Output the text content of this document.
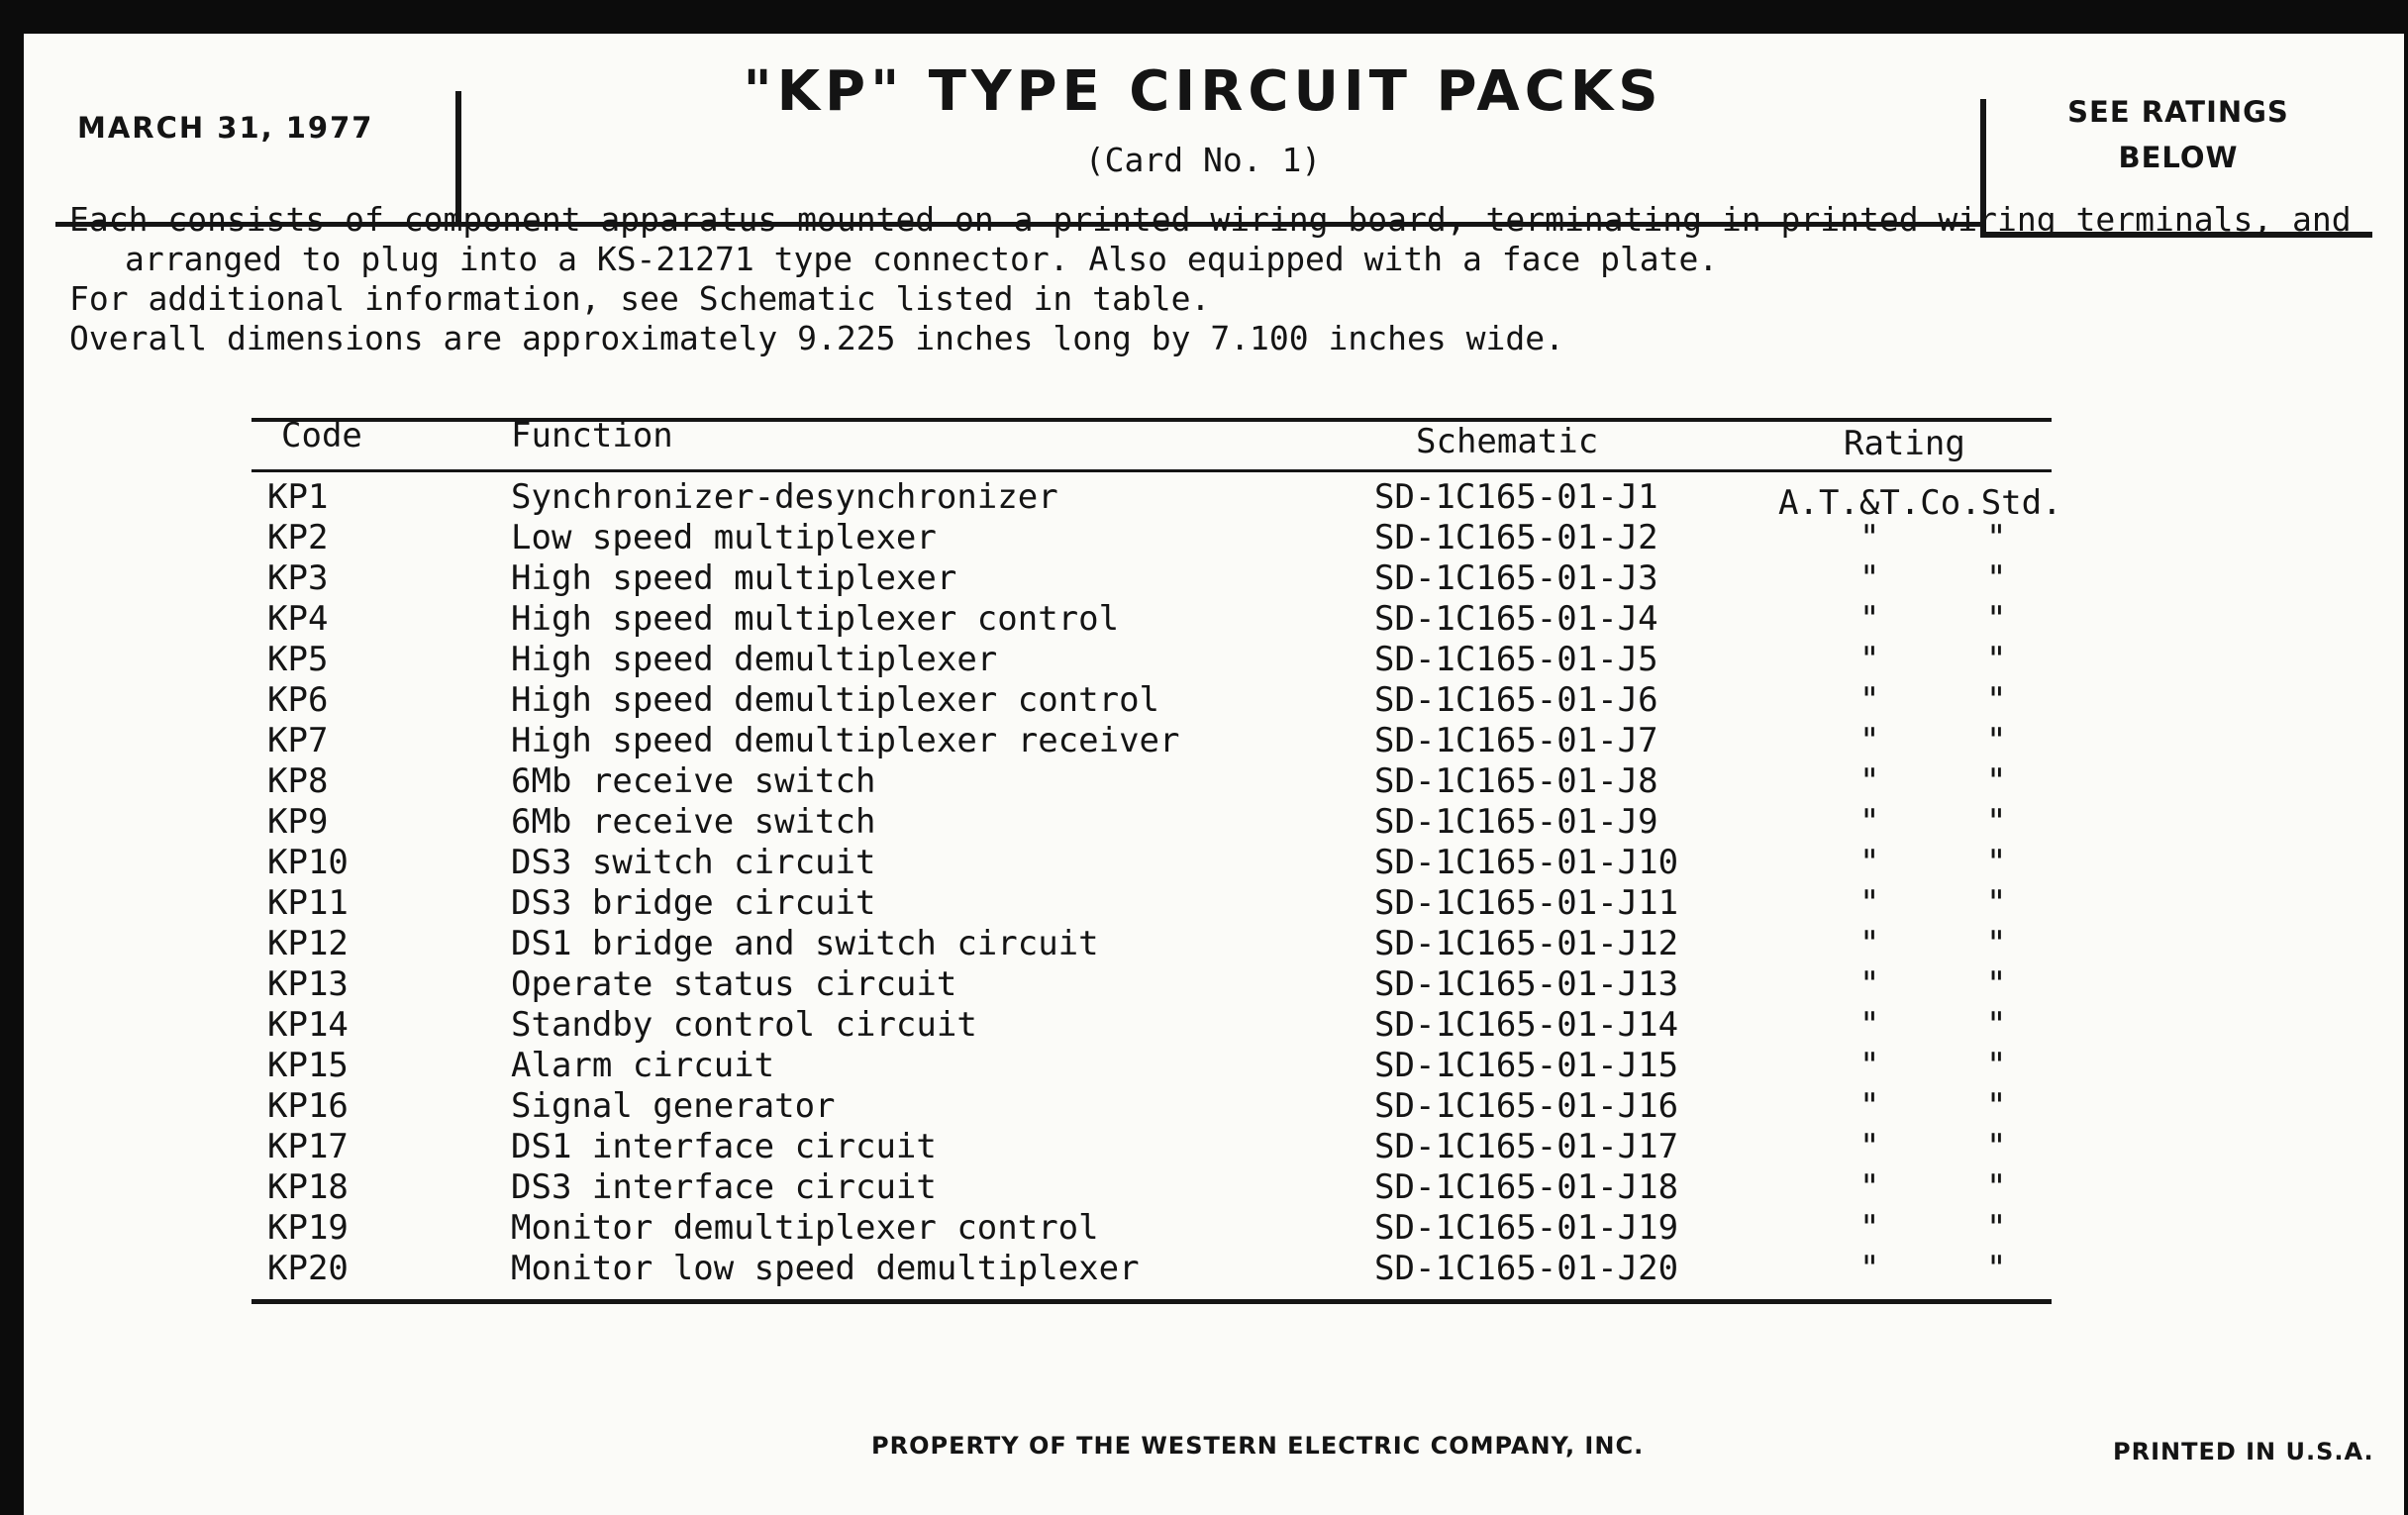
MARCH 31, 1977
"KP" TYPE CIRCUIT PACKS
(Card No. 1)
SEE RATINGS
BELOW
Each consists of component apparatus mounted on a printed wiring board, terminating in printed wiring terminals, and
arranged to plug into a KS-21271 type connector. Also equipped with a face plate.
For additional information, see Schematic listed in table.
Overall dimensions are approximately 9.225 inches long by 7.100 inches wide.
Code	Function	Schematic	Rating
KP1	Synchronizer-desynchronizer	SD-1C165-01-J1	A.T.&T.Co.Std.
KP2	Low speed multiplexer	SD-1C165-01-J2	"	"
KP3	High speed multiplexer	SD-1C165-01-J3	"	"
KP4	High speed multiplexer control	SD-1C165-01-J4	"	"
KP5	High speed demultiplexer	SD-1C165-01-J5	"	"
KP6	High speed demultiplexer control	SD-1C165-01-J6	"	"
KP7	High speed demultiplexer receiver	SD-1C165-01-J7	"	"
KP8	6Mb receive switch	SD-1C165-01-J8	"	"
KP9	6Mb receive switch	SD-1C165-01-J9	"	"
KP10	DS3 switch circuit	SD-1C165-01-J10	"	"
KP11	DS3 bridge circuit	SD-1C165-01-J11	"	"
KP12	DS1 bridge and switch circuit	SD-1C165-01-J12	"	"
KP13	Operate status circuit	SD-1C165-01-J13	"	"
KP14	Standby control circuit	SD-1C165-01-J14	"	"
KP15	Alarm circuit	SD-1C165-01-J15	"	"
KP16	Signal generator	SD-1C165-01-J16	"	"
KP17	DS1 interface circuit	SD-1C165-01-J17	"	"
KP18	DS3 interface circuit	SD-1C165-01-J18	"	"
KP19	Monitor demultiplexer control	SD-1C165-01-J19	"	"
KP20	Monitor low speed demultiplexer	SD-1C165-01-J20	"	"
PROPERTY OF THE WESTERN ELECTRIC COMPANY, INC.	PRINTED IN U.S.A.
